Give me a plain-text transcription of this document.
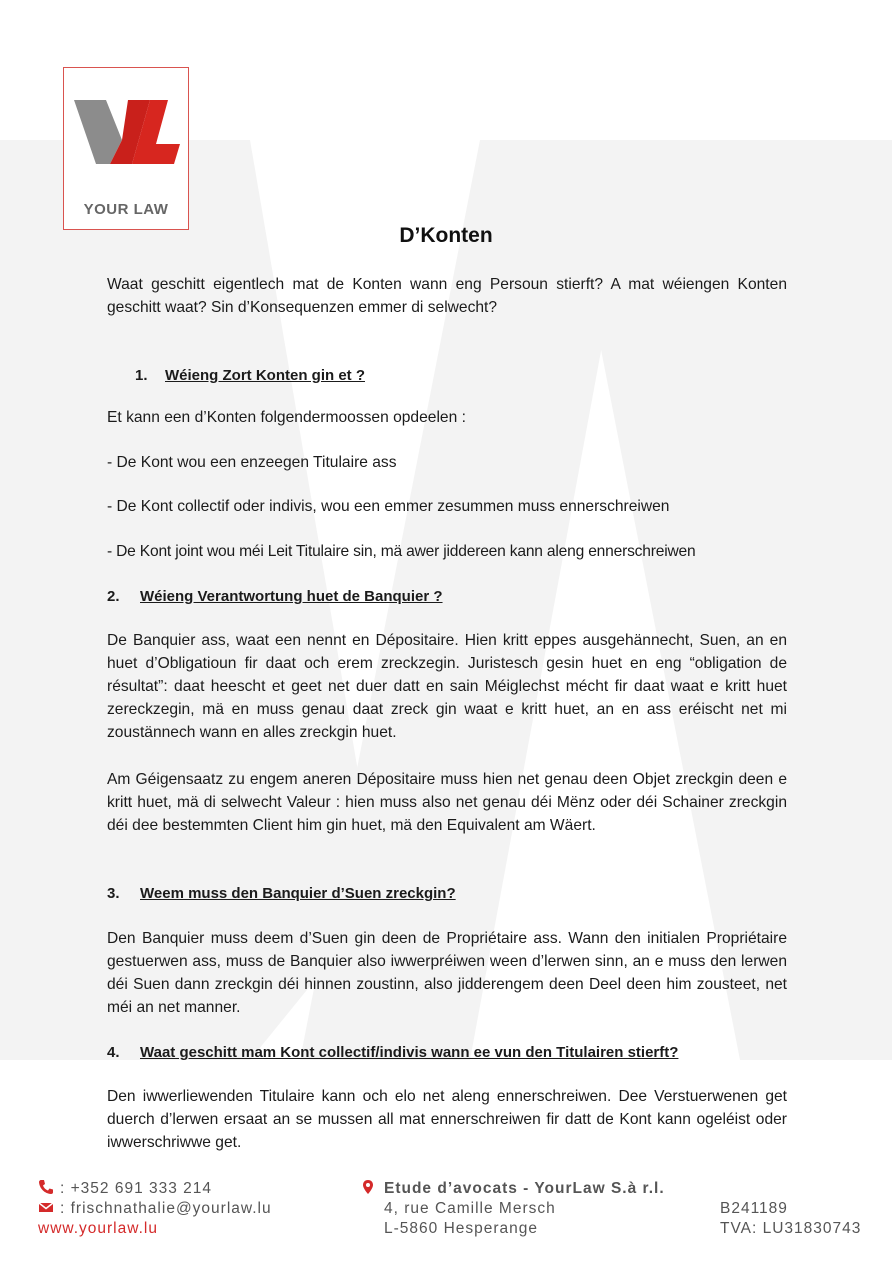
YOUR LAW
D’Konten

Waat geschitt eigentlech mat de Konten wann eng Persoun stierft? A mat wéiengen Konten geschitt waat? Sin d’Konsequenzen emmer di selwecht?

1. Wéieng Zort Konten gin et ?
Et kann een d’Konten folgendermoossen opdeelen :
- De Kont wou een enzeegen Titulaire ass
- De Kont collectif oder indivis, wou een emmer zesummen muss ennerschreiwen
- De Kont joint wou méi Leit Titulaire sin, mä awer jiddereen kann aleng ennerschreiwen
2. Wéieng Verantwortung huet de Banquier ?

De Banquier ass, waat een nennt en Dépositaire. Hien kritt eppes ausgehännecht, Suen, an en huet d’Obligatioun fir daat och erem zreckzegin. Juristesch gesin huet en eng “obligation de résultat”: daat heescht et geet net duer datt en sain Méiglechst mécht fir daat waat e kritt huet zereckzegin, mä en muss genau daat zreck gin waat e kritt huet, an en ass eréischt net mi zoustännech wann en alles zreckgin huet.

Am Géigensaatz zu engem aneren Dépositaire muss hien net genau deen Objet zreckgin deen e kritt huet, mä di selwecht Valeur : hien muss also net genau déi Mënz oder déi Schainer zreckgin déi dee bestemmten Client him gin huet, mä den Equivalent am Wäert.

3. Weem muss den Banquier d’Suen zreckgin?

Den Banquier muss deem d’Suen gin deen de Propriétaire ass. Wann den initialen Propriétaire gestuerwen ass, muss de Banquier also iwwerpréiwen ween d’lerwen sinn, an e muss den lerwen déi Suen dann zreckgin déi hinnen zoustinn, also jidderengem deen Deel deen him zousteet, net méi an net manner.

4. Waat geschitt mam Kont collectif/indivis wann ee vun den Titulairen stierft?

Den iwwerliewenden Titulaire kann och elo net aleng ennerschreiwen. Dee Verstuerwenen get duerch d’lerwen ersaat an se mussen all mat ennerschreiwen fir datt de Kont kann ogeléist oder iwwerschriwwe get.

: +352 691 333 214
: frischnathalie@yourlaw.lu
www.yourlaw.lu
Etude d’avocats - YourLaw S.à r.l.
4, rue Camille Mersch
L-5860 Hesperange
B241189
TVA: LU31830743
